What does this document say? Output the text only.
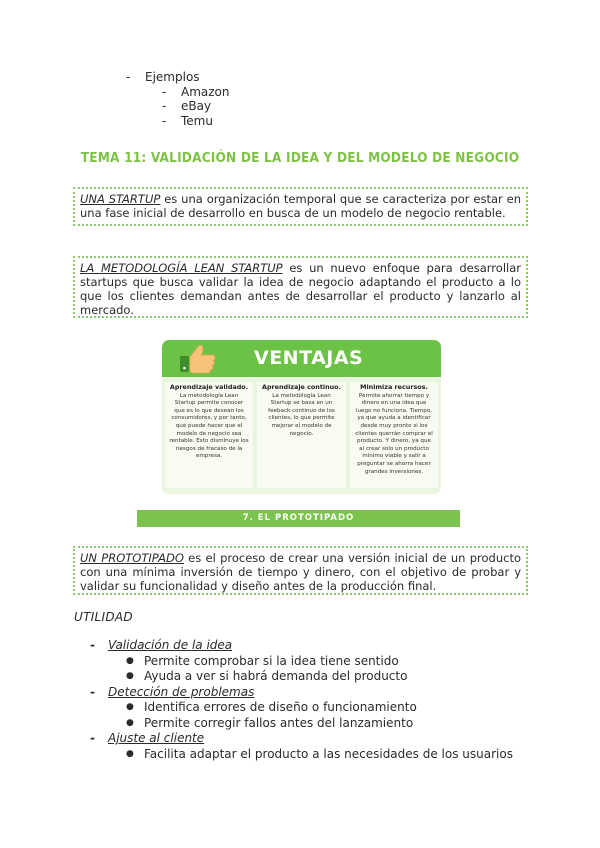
-	Ejemplos
-	Amazon
-	eBay
-	Temu
TEMA 11: VALIDACIÓN DE LA IDEA Y DEL MODELO DE NEGOCIO
UNA STARTUP es una organización temporal que se caracteriza por estar en una fase inicial de desarrollo en busca de un modelo de negocio rentable.
LA METODOLOGÍA LEAN STARTUP es un nuevo enfoque para desarrollar startups que busca validar la idea de negocio adaptando el producto a lo que los clientes demandan antes de desarrollar el producto y lanzarlo al mercado.
VENTAJAS
Aprendizaje validado.
La metodología Lean Startup permite conocer que es lo que desean los consumidores, y por tanto, qué puede hacer que el modelo de negocio sea rentable. Esto disminuye los riesgos de fracaso de la empresa.
Aprendizaje continuo.
La metodología Lean Startup se basa en un feeback continuo de los clientes, lo que permite mejorar el modelo de negocio.
Minimiza recursos.
Permite ahorrar tiempo y dinero en una idea que luego no funciona. Tiempo, ya que ayuda a identificar desde muy pronto si los clientes querrán comprar el producto. Y dinero, ya que al crear solo un producto mínimo viable y salir a preguntar se ahorra hacer grandes inversiones.
7. EL PROTOTIPADO
UN PROTOTIPADO es el proceso de crear una versión inicial de un producto con una mínima inversión de tiempo y dinero, con el objetivo de probar y validar su funcionalidad y diseño antes de la producción final.
UTILIDAD
-	Validación de la idea
● Permite comprobar si la idea tiene sentido
● Ayuda a ver si habrá demanda del producto
-	Detección de problemas
● Identifica errores de diseño o funcionamiento
● Permite corregir fallos antes del lanzamiento
-	Ajuste al cliente
● Facilita adaptar el producto a las necesidades de los usuarios
